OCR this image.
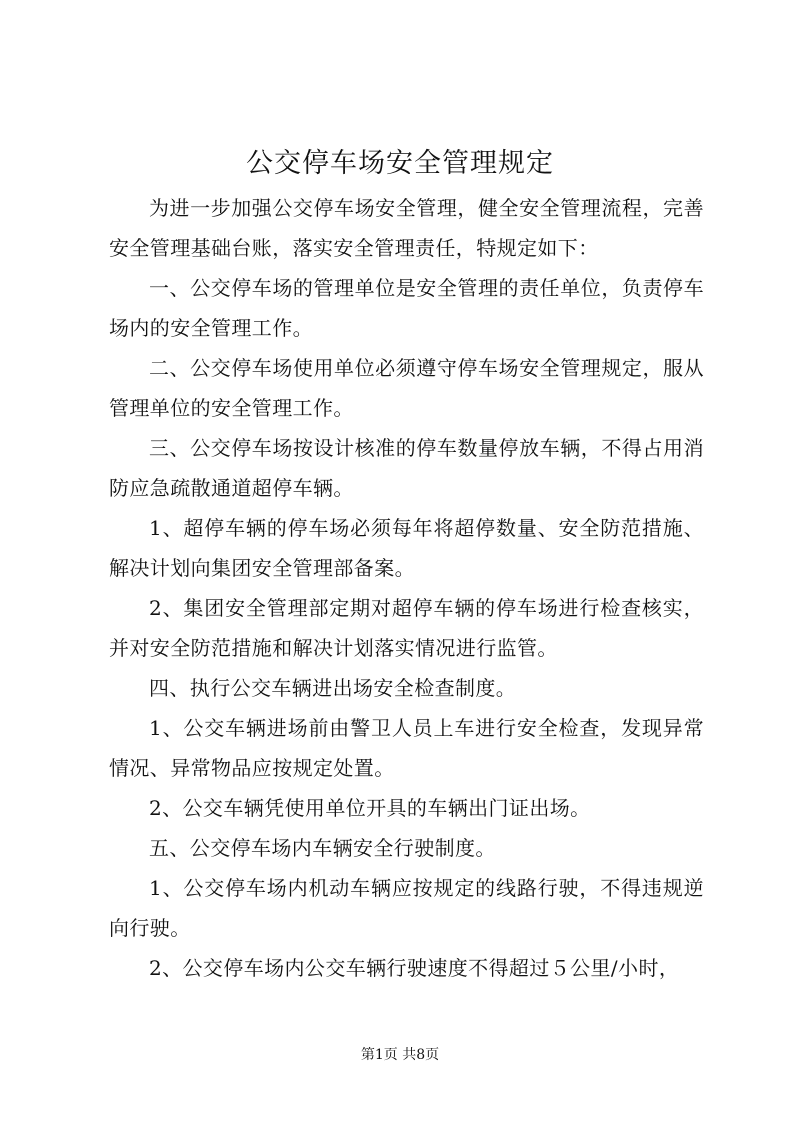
公交停车场安全管理规定

为进一步加强公交停车场安全管理，健全安全管理流程，完善安全管理基础台账，落实安全管理责任，特规定如下：

一、公交停车场的管理单位是安全管理的责任单位，负责停车场内的安全管理工作。

二、公交停车场使用单位必须遵守停车场安全管理规定，服从管理单位的安全管理工作。

三、公交停车场按设计核准的停车数量停放车辆，不得占用消防应急疏散通道超停车辆。

1、超停车辆的停车场必须每年将超停数量、安全防范措施、解决计划向集团安全管理部备案。

2、集团安全管理部定期对超停车辆的停车场进行检查核实，并对安全防范措施和解决计划落实情况进行监管。

四、执行公交车辆进出场安全检查制度。

1、公交车辆进场前由警卫人员上车进行安全检查，发现异常情况、异常物品应按规定处置。

2、公交车辆凭使用单位开具的车辆出门证出场。

五、公交停车场内车辆安全行驶制度。

1、公交停车场内机动车辆应按规定的线路行驶，不得违规逆向行驶。

2、公交停车场内公交车辆行驶速度不得超过５公里/小时，

第1页 共8页
